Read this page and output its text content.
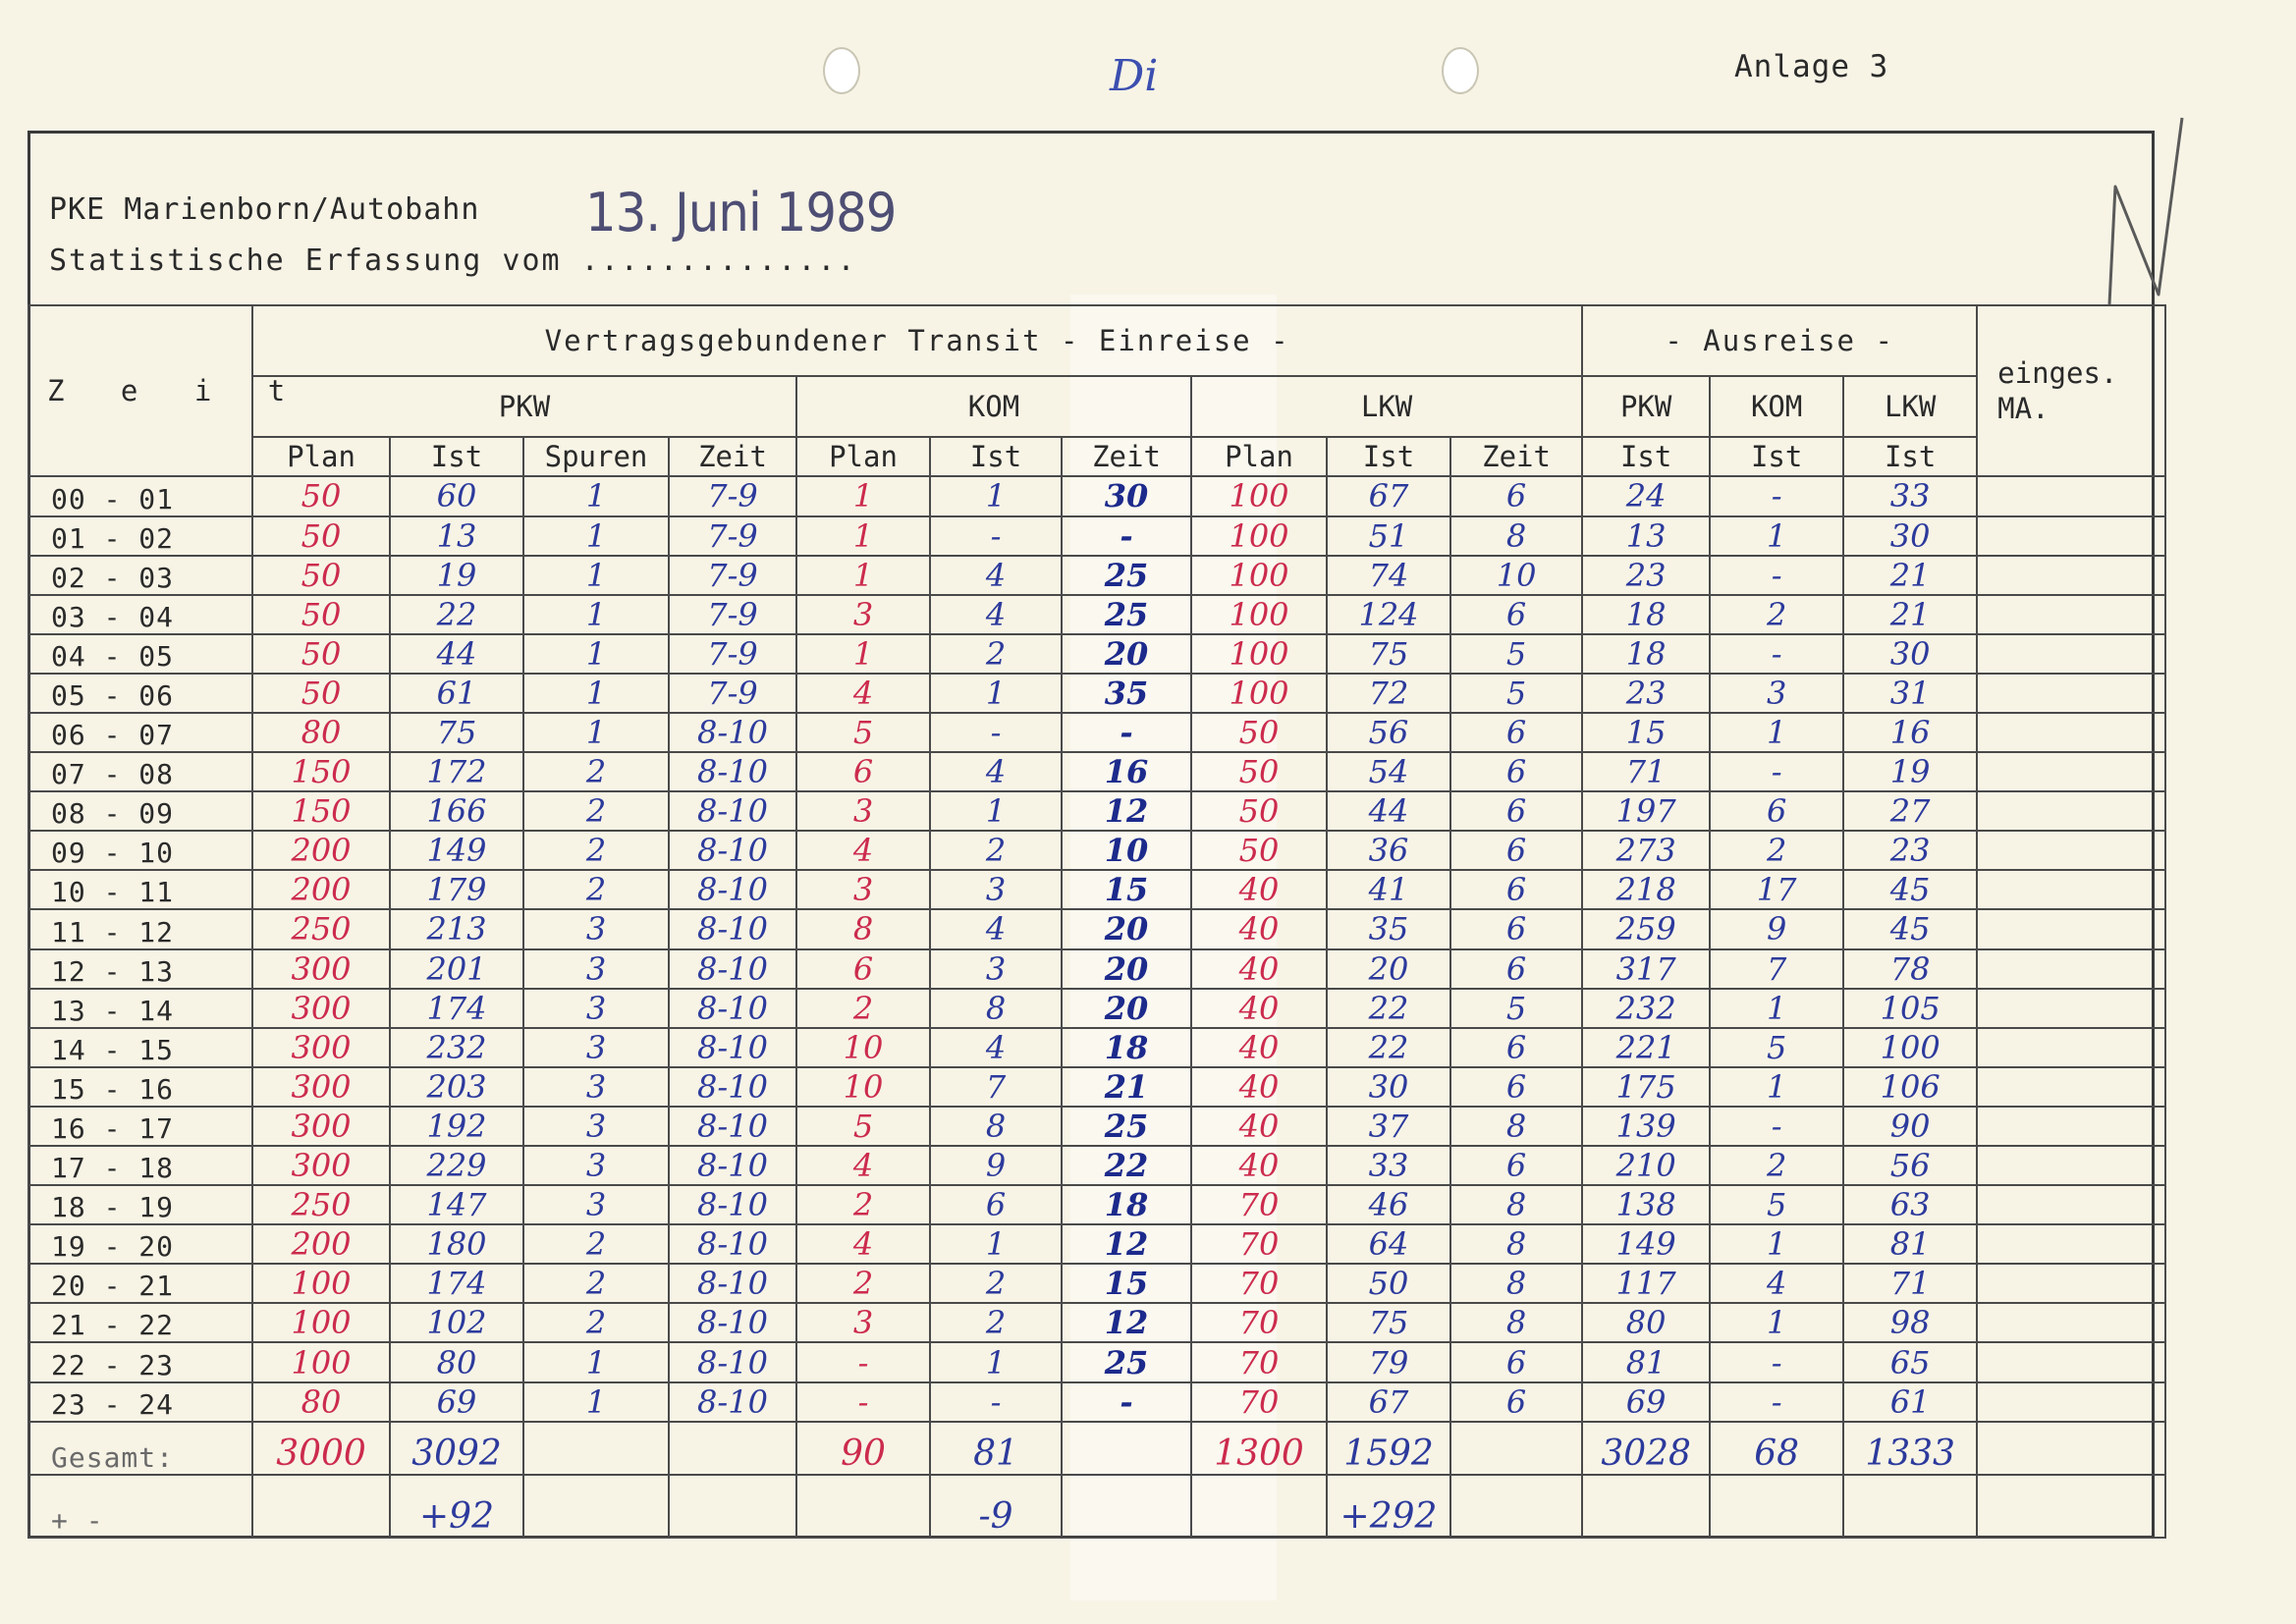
Anlage 3
Di
PKE Marienborn/Autobahn
Statistische Erfassung vom ..............
13. Juni 1989
Z e i t	Vertragsgebundener Transit - Einreise -										- Ausreise -			einges.
MA.
	PKW				KOM			LKW			PKW	KOM	LKW	
	Plan	Ist	Spuren	Zeit	Plan	Ist	Zeit	Plan	Ist	Zeit	Ist	Ist	Ist	
00 - 01	50	60	1	7-9	1	1	30	100	67	6	24	-	33	
01 - 02	50	13	1	7-9	1	-	-	100	51	8	13	1	30	
02 - 03	50	19	1	7-9	1	4	25	100	74	10	23	-	21	
03 - 04	50	22	1	7-9	3	4	25	100	124	6	18	2	21	
04 - 05	50	44	1	7-9	1	2	20	100	75	5	18	-	30	
05 - 06	50	61	1	7-9	4	1	35	100	72	5	23	3	31	
06 - 07	80	75	1	8-10	5	-	-	50	56	6	15	1	16	
07 - 08	150	172	2	8-10	6	4	16	50	54	6	71	-	19	
08 - 09	150	166	2	8-10	3	1	12	50	44	6	197	6	27	
09 - 10	200	149	2	8-10	4	2	10	50	36	6	273	2	23	
10 - 11	200	179	2	8-10	3	3	15	40	41	6	218	17	45	
11 - 12	250	213	3	8-10	8	4	20	40	35	6	259	9	45	
12 - 13	300	201	3	8-10	6	3	20	40	20	6	317	7	78	
13 - 14	300	174	3	8-10	2	8	20	40	22	5	232	1	105	
14 - 15	300	232	3	8-10	10	4	18	40	22	6	221	5	100	
15 - 16	300	203	3	8-10	10	7	21	40	30	6	175	1	106	
16 - 17	300	192	3	8-10	5	8	25	40	37	8	139	-	90	
17 - 18	300	229	3	8-10	4	9	22	40	33	6	210	2	56	
18 - 19	250	147	3	8-10	2	6	18	70	46	8	138	5	63	
19 - 20	200	180	2	8-10	4	1	12	70	64	8	149	1	81	
20 - 21	100	174	2	8-10	2	2	15	70	50	8	117	4	71	
21 - 22	100	102	2	8-10	3	2	12	70	75	8	80	1	98	
22 - 23	100	80	1	8-10	-	1	25	70	79	6	81	-	65	
23 - 24	80	69	1	8-10	-	-	-	70	67	6	69	-	61	
Gesamt:	3000	3092			90	81		1300	1592		3028	68	1333	
+ -		+92				-9			+292					
